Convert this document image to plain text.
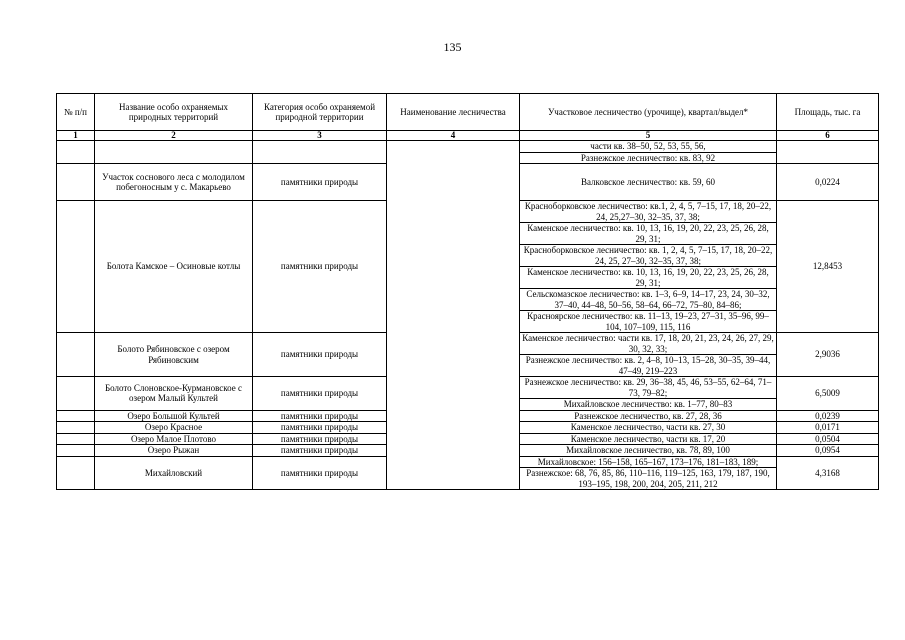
135
№ п/п	Название особо охраняемых природных территорий	Категория особо охраняемой природной территории	Наименование лесничества	Участковое лесничество (урочище), квартал/выдел*	Площадь, тыс. га
1	2	3	4	5	6
				части кв. 38–50, 52, 53, 55, 56,	
				Разнежское лесничество: кв. 83, 92	
	Участок соснового леса с молодилом побегоносным у с. Макарьево	памятники природы		Валковское лесничество: кв. 59, 60	0,0224
	Болота Камское – Осиновые котлы	памятники природы		Красноборковское лесничество: кв.1, 2, 4, 5, 7–15, 17, 18, 20–22, 24, 25,27–30, 32–35, 37, 38;	12,8453
				Каменское лесничество: кв. 10, 13, 16, 19, 20, 22, 23, 25, 26, 28, 29, 31;	
				Красноборковское лесничество: кв. 1, 2, 4, 5, 7–15, 17, 18, 20–22, 24, 25, 27–30, 32–35, 37, 38;	
				Каменское лесничество: кв. 10, 13, 16, 19, 20, 22, 23, 25, 26, 28, 29, 31;	
				Сельскомазское лесничество: кв. 1–3, 6–9, 14–17, 23, 24, 30–32, 37–40, 44–48, 50–56, 58–64, 66–72, 75–80, 84–86;	
				Красноярское лесничество: кв. 11–13, 19–23, 27–31, 35–96, 99–104, 107–109, 115, 116	
	Болото Рябиновское с озером Рябиновским	памятники природы		Каменское лесничество: части кв. 17, 18, 20, 21, 23, 24, 26, 27, 29, 30, 32, 33;	2,9036
				Разнежское лесничество: кв. 2, 4–8, 10–13, 15–28, 30–35, 39–44, 47–49, 219–223	
	Болото Слоновское-Курмановское с озером Малый Культей	памятники природы		Разнежское лесничество: кв. 29, 36–38, 45, 46, 53–55, 62–64, 71–73, 79–82;	6,5009
				Михайловское лесничество: кв. 1–77, 80–83	
	Озеро Большой Культей	памятники природы		Разнежское лесничество, кв. 27, 28, 36	0,0239
	Озеро Красное	памятники природы		Каменское лесничество, части кв. 27, 30	0,0171
	Озеро Малое Плотово	памятники природы		Каменское лесничество, части кв. 17, 20	0,0504
	Озеро Рыжан	памятники природы		Михайловское лесничество, кв. 78, 89, 100	0,0954
	Михайловский	памятники природы		Михайловское: 156–158, 165–167, 173–176, 181–183, 189;	4,3168
				Разнежское: 68, 76, 85, 86, 110–116, 119–125, 163, 179, 187, 190, 193–195, 198, 200, 204, 205, 211, 212	
